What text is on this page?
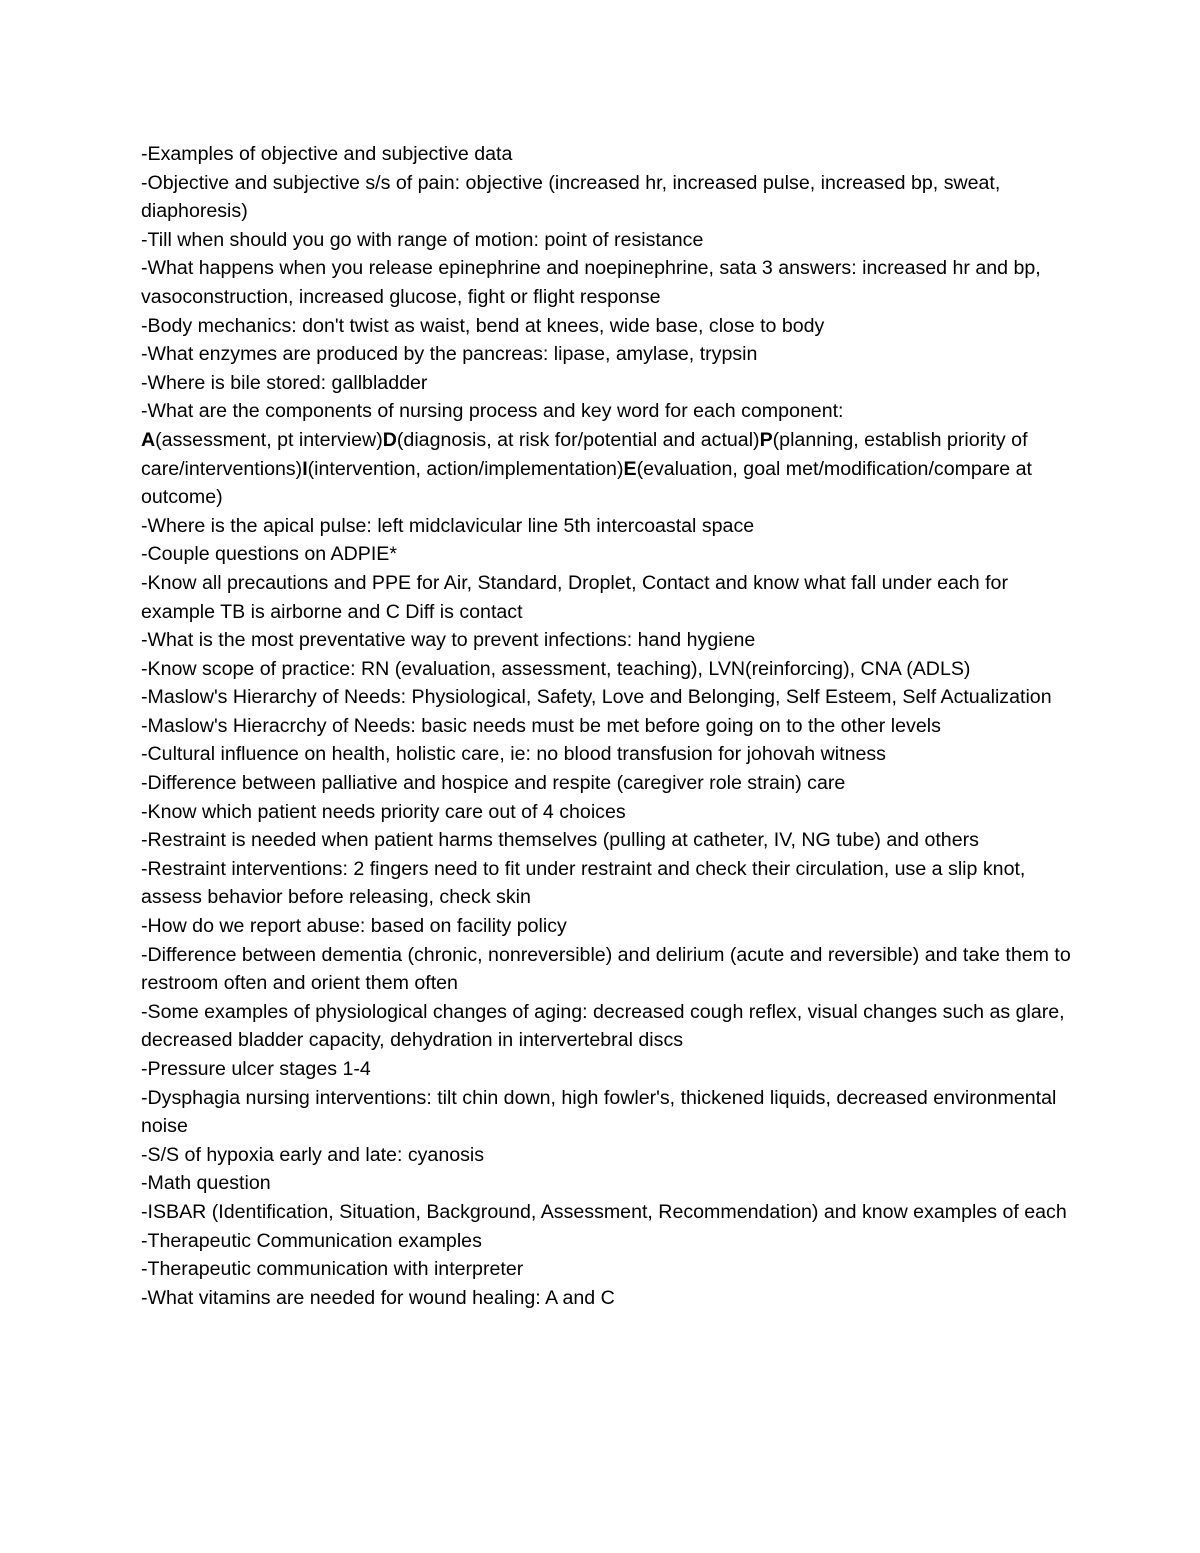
-Examples of objective and subjective data

-Objective and subjective s/s of pain: objective (increased hr, increased pulse, increased bp, sweat, diaphoresis)

-Till when should you go with range of motion: point of resistance

-What happens when you release epinephrine and noepinephrine, sata 3 answers: increased hr and bp, vasoconstruction, increased glucose, fight or flight response

-Body mechanics: don't twist as waist, bend at knees, wide base, close to body

-What enzymes are produced by the pancreas: lipase, amylase, trypsin

-Where is bile stored: gallbladder

-What are the components of nursing process and key word for each component:

A(assessment, pt interview)D(diagnosis, at risk for/potential and actual)P(planning, establish priority of care/interventions)I(intervention, action/implementation)E(evaluation, goal met/modification/compare at outcome)

-Where is the apical pulse: left midclavicular line 5th intercoastal space

-Couple questions on ADPIE*

-Know all precautions and PPE for Air, Standard, Droplet, Contact and know what fall under each for example TB is airborne and C Diff is contact

-What is the most preventative way to prevent infections: hand hygiene

-Know scope of practice: RN (evaluation, assessment, teaching), LVN(reinforcing), CNA (ADLS)

-Maslow's Hierarchy of Needs: Physiological, Safety, Love and Belonging, Self Esteem, Self Actualization

-Maslow's Hieracrchy of Needs: basic needs must be met before going on to the other levels

-Cultural influence on health, holistic care, ie: no blood transfusion for johovah witness

-Difference between palliative and hospice and respite (caregiver role strain) care

-Know which patient needs priority care out of 4 choices

-Restraint is needed when patient harms themselves (pulling at catheter, IV, NG tube) and others

-Restraint interventions: 2 fingers need to fit under restraint and check their circulation, use a slip knot, assess behavior before releasing, check skin

-How do we report abuse: based on facility policy

-Difference between dementia (chronic, nonreversible) and delirium (acute and reversible) and take them to restroom often and orient them often

-Some examples of physiological changes of aging: decreased cough reflex, visual changes such as glare, decreased bladder capacity, dehydration in intervertebral discs

-Pressure ulcer stages 1-4

-Dysphagia nursing interventions: tilt chin down, high fowler's, thickened liquids, decreased environmental noise

-S/S of hypoxia early and late: cyanosis

-Math question

-ISBAR (Identification, Situation, Background, Assessment, Recommendation) and know examples of each

-Therapeutic Communication examples

-Therapeutic communication with interpreter

-What vitamins are needed for wound healing: A and C
